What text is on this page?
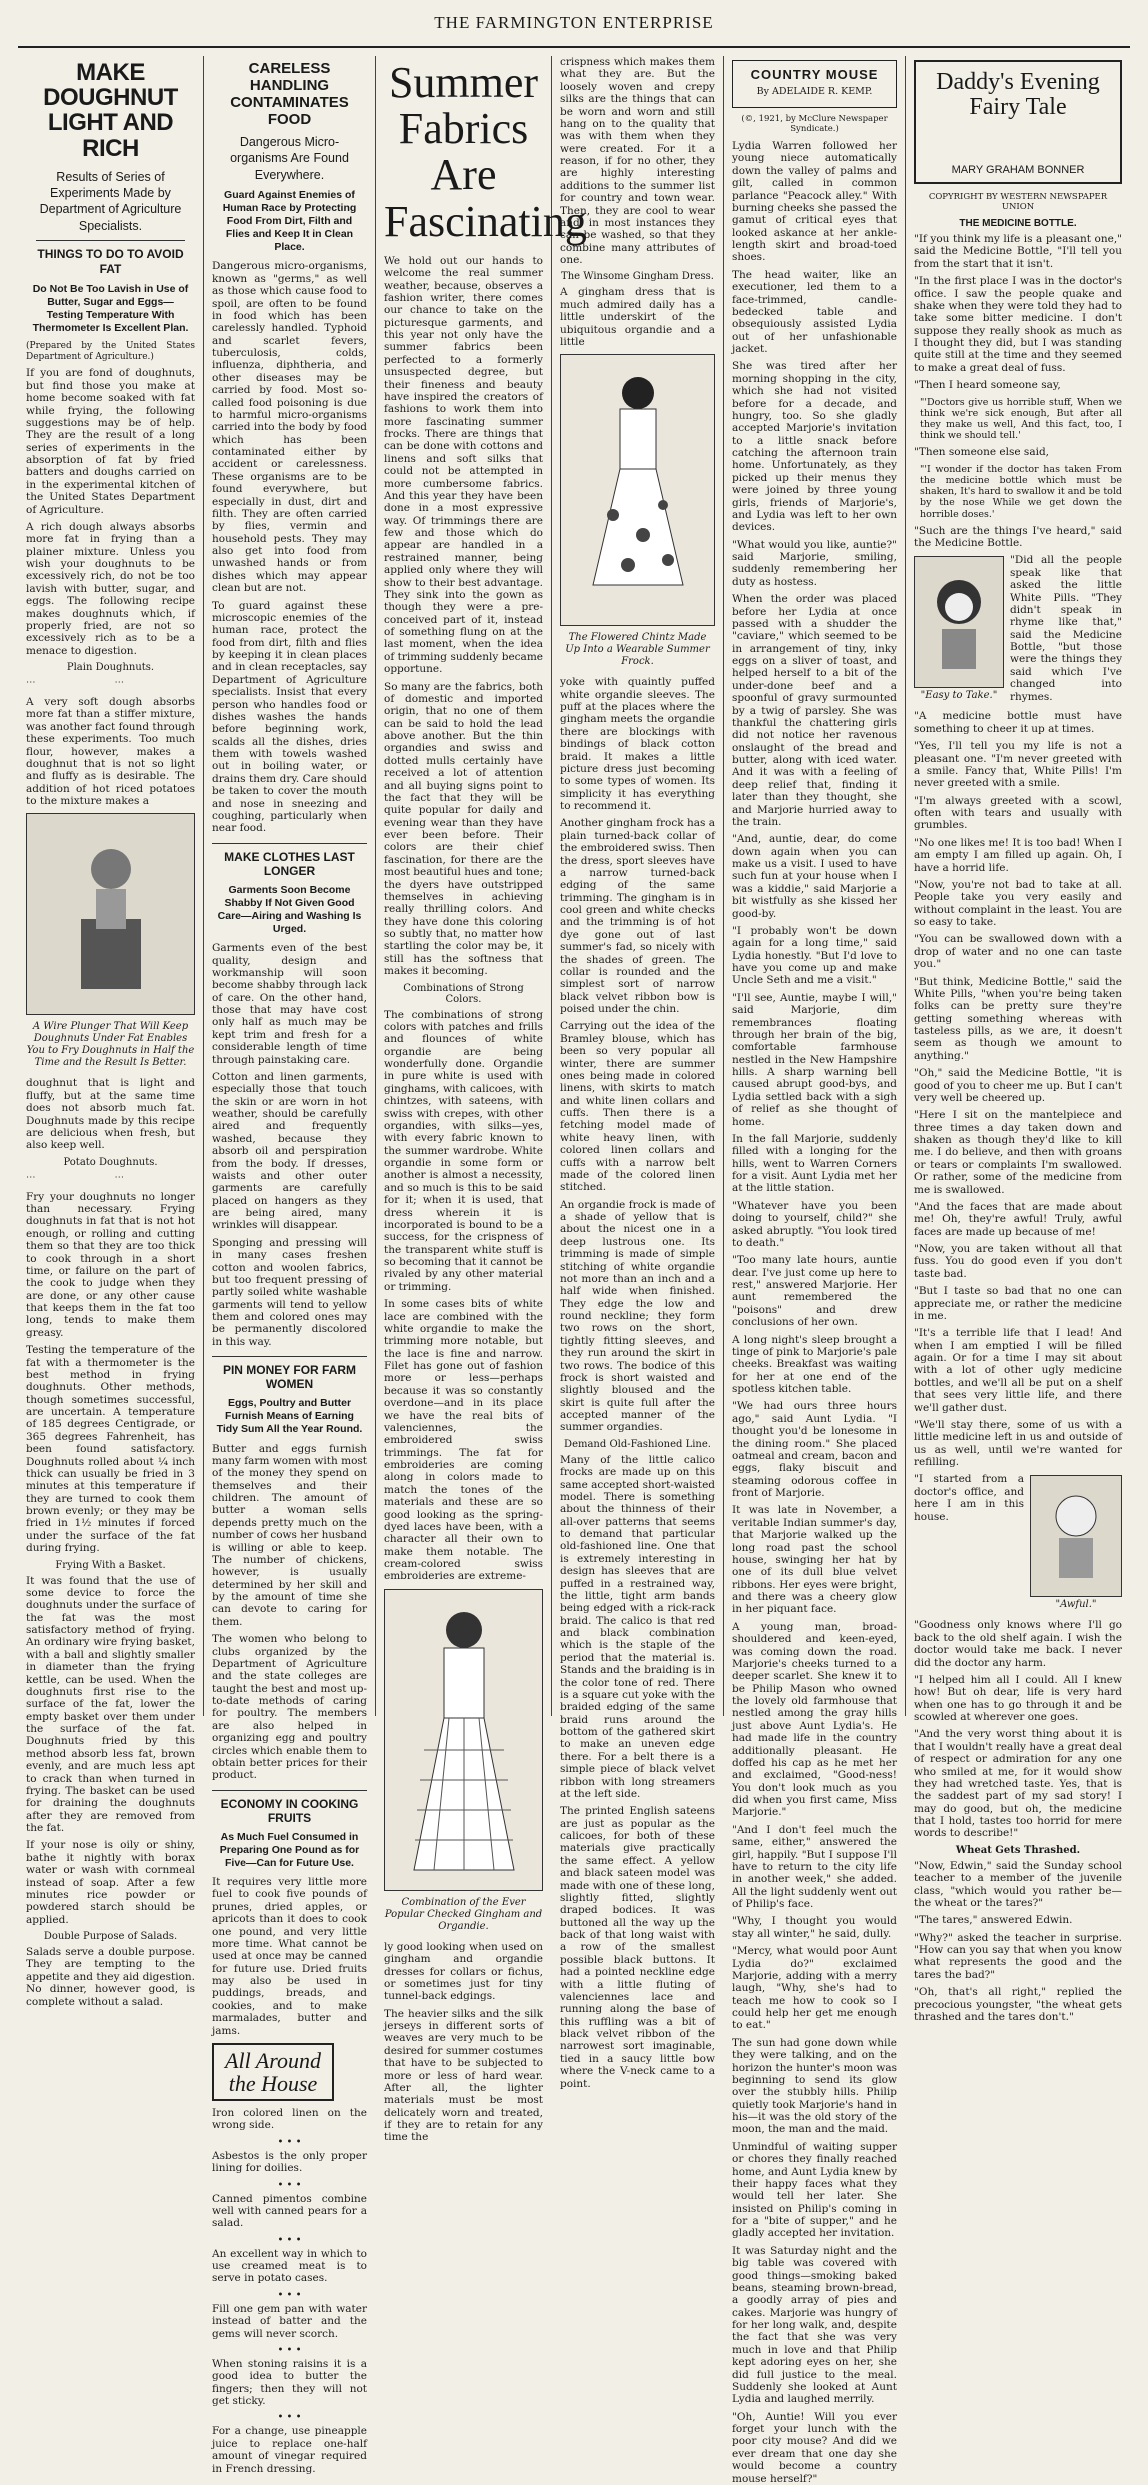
THE FARMINGTON ENTERPRISE
MAKE DOUGHNUT LIGHT AND RICH
Results of Series of Experiments Made by Department of Agriculture Specialists.
THINGS TO DO TO AVOID FAT
Do Not Be Too Lavish in Use of Butter, Sugar and Eggs—Testing Temperature With Thermometer Is Excellent Plan.

(Prepared by the United States Department of Agriculture.)

If you are fond of doughnuts, but find those you make at home become soaked with fat while frying, the following suggestions may be of help. They are the result of a long series of experiments in the absorption of fat by fried batters and doughs carried on in the experimental kitchen of the United States Department of Agriculture.

A rich dough always absorbs more fat in frying than a plainer mixture. Unless you wish your doughnuts to be excessively rich, do not be too lavish with butter, sugar, and eggs. The following recipe makes doughnuts which, if properly fried, are not so excessively rich as to be a menace to digestion.

Plain Doughnuts.
⋯	⋯

A very soft dough absorbs more fat than a stiffer mixture, was another fact found through these experiments. Too much flour, however, makes a doughnut that is not so light and fluffy as is desirable. The addition of hot riced potatoes to the mixture makes a

A Wire Plunger That Will Keep Doughnuts Under Fat Enables You to Fry Doughnuts in Half the Time and the Result Is Better.

doughnut that is light and fluffy, but at the same time does not absorb much fat. Doughnuts made by this recipe are delicious when fresh, but also keep well.

Potato Doughnuts.
⋯	⋯

Fry your doughnuts no longer than necessary. Frying doughnuts in fat that is not hot enough, or rolling and cutting them so that they are too thick to cook through in a short time, or failure on the part of the cook to judge when they are done, or any other cause that keeps them in the fat too long, tends to make them greasy.

Testing the temperature of the fat with a thermometer is the best method in frying doughnuts. Other methods, though sometimes successful, are uncertain. A temperature of 185 degrees Centigrade, or 365 degrees Fahrenheit, has been found satisfactory. Doughnuts rolled about ¼ inch thick can usually be fried in 3 minutes at this temperature if they are turned to cook them brown evenly; or they may be fried in 1½ minutes if forced under the surface of the fat during frying.

Frying With a Basket.

It was found that the use of some device to force the doughnuts under the surface of the fat was the most satisfactory method of frying. An ordinary wire frying basket, with a ball and slightly smaller in diameter than the frying kettle, can be used. When the doughnuts first rise to the surface of the fat, lower the empty basket over them under the surface of the fat. Doughnuts fried by this method absorb less fat, brown evenly, and are much less apt to crack than when turned in frying. The basket can be used for draining the doughnuts after they are removed from the fat.

If your nose is oily or shiny, bathe it nightly with borax water or wash with cornmeal instead of soap. After a few minutes rice powder or powdered starch should be applied.

Double Purpose of Salads.

Salads serve a double purpose. They are tempting to the appetite and they aid digestion. No dinner, however good, is complete without a salad.

CARELESS HANDLING CONTAMINATES FOOD
Dangerous Micro-organisms Are Found Everywhere.
Guard Against Enemies of Human Race by Protecting Food From Dirt, Filth and Flies and Keep It in Clean Place.

Dangerous micro-organisms, known as "germs," as well as those which cause food to spoil, are often to be found in food which has been carelessly handled. Typhoid and scarlet fevers, tuberculosis, colds, influenza, diphtheria, and other diseases may be carried by food. Most so-called food poisoning is due to harmful micro-organisms carried into the body by food which has been contaminated either by accident or carelessness. These organisms are to be found everywhere, but especially in dust, dirt and filth. They are often carried by flies, vermin and household pests. They may also get into food from unwashed hands or from dishes which may appear clean but are not.

To guard against these microscopic enemies of the human race, protect the food from dirt, filth and flies by keeping it in clean places and in clean receptacles, say Department of Agriculture specialists. Insist that every person who handles food or dishes washes the hands before beginning work, scalds all the dishes, dries them with towels washed out in boiling water, or drains them dry. Care should be taken to cover the mouth and nose in sneezing and coughing, particularly when near food.

MAKE CLOTHES LAST LONGER
Garments Soon Become Shabby If Not Given Good Care—Airing and Washing Is Urged.

Garments even of the best quality, design and workmanship will soon become shabby through lack of care. On the other hand, those that may have cost only half as much may be kept trim and fresh for a considerable length of time through painstaking care.

Cotton and linen garments, especially those that touch the skin or are worn in hot weather, should be carefully aired and frequently washed, because they absorb oil and perspiration from the body. If dresses, waists and other outer garments are carefully placed on hangers as they are being aired, many wrinkles will disappear.

Sponging and pressing will in many cases freshen cotton and woolen fabrics, but too frequent pressing of partly soiled white washable garments will tend to yellow them and colored ones may be permanently discolored in this way.

PIN MONEY FOR FARM WOMEN
Eggs, Poultry and Butter Furnish Means of Earning Tidy Sum All the Year Round.

Butter and eggs furnish many farm women with most of the money they spend on themselves and their children. The amount of butter a woman sells depends pretty much on the number of cows her husband is willing or able to keep. The number of chickens, however, is usually determined by her skill and by the amount of time she can devote to caring for them.

The women who belong to clubs organized by the Department of Agriculture and the state colleges are taught the best and most up-to-date methods of caring for poultry. The members are also helped in organizing egg and poultry circles which enable them to obtain better prices for their product.

ECONOMY IN COOKING FRUITS
As Much Fuel Consumed in Preparing One Pound as for Five—Can for Future Use.

It requires very little more fuel to cook five pounds of prunes, dried apples, or apricots than it does to cook one pound, and very little more time. What cannot be used at once may be canned for future use. Dried fruits may also be used in puddings, breads, and cookies, and to make marmalades, butter and jams.

All Around the House

Iron colored linen on the wrong side.

• • •

Asbestos is the only proper lining for doilies.

• • •

Canned pimentos combine well with canned pears for a salad.

• • •

An excellent way in which to use creamed meat is to serve in potato cases.

• • •

Fill one gem pan with water instead of batter and the gems will never scorch.

• • •

When stoning raisins it is a good idea to butter the fingers; then they will not get sticky.

• • •

For a change, use pineapple juice to replace one-half amount of vinegar required in French dressing.

Summer Fabrics Are Fascinating

We hold out our hands to welcome the real summer weather, because, observes a fashion writer, there comes our chance to take on the picturesque garments, and this year not only have the summer fabrics been perfected to a formerly unsuspected degree, but their fineness and beauty have inspired the creators of fashions to work them into more fascinating summer frocks. There are things that can be done with cottons and linens and soft silks that could not be attempted in more cumbersome fabrics. And this year they have been done in a most expressive way. Of trimmings there are few and those which do appear are handled in a restrained manner, being applied only where they will show to their best advantage. They sink into the gown as though they were a pre-conceived part of it, instead of something flung on at the last moment, when the idea of trimming suddenly became opportune.

So many are the fabrics, both of domestic and imported origin, that no one of them can be said to hold the lead above another. But the thin organdies and swiss and dotted mulls certainly have received a lot of attention and all buying signs point to the fact that they will be quite popular for daily and evening wear than they have ever been before. Their colors are their chief fascination, for there are the most beautiful hues and tone; the dyers have outstripped themselves in achieving really thrilling colors. And they have done this coloring so subtly that, no matter how startling the color may be, it still has the softness that makes it becoming.

Combinations of Strong Colors.

The combinations of strong colors with patches and frills and flounces of white organdie are being wonderfully done. Organdie in pure white is used with ginghams, with calicoes, with chintzes, with sateens, with swiss with crepes, with other organdies, with silks—yes, with every fabric known to the summer wardrobe. White organdie in some form or another is almost a necessity, and so much is this to be said for it; when it is used, that dress wherein it is incorporated is bound to be a success, for the crispness of the transparent white stuff is so becoming that it cannot be rivaled by any other material or trimming.

In some cases bits of white lace are combined with the white organdie to make the trimming more notable, but the lace is fine and narrow. Filet has gone out of fashion more or less—perhaps because it was so constantly overdone—and in its place we have the real bits of valenciennes, the embroidered swiss trimmings. The fat for embroideries are coming along in colors made to match the tones of the materials and these are so good looking as the spring-dyed laces have been, with a character all their own to make them notable. The cream-colored swiss embroideries are extreme-

Combination of the Ever Popular Checked Gingham and Organdie.

ly good looking when used on gingham and organdie dresses for collars or fichus, or sometimes just for tiny tunnel-back edgings.

The heavier silks and the silk jerseys in different sorts of weaves are very much to be desired for summer costumes that have to be subjected to more or less of hard wear. After all, the lighter materials must be most delicately worn and treated, if they are to retain for any time the

crispness which makes them what they are. But the loosely woven and crepy silks are the things that can be worn and worn and still hang on to the quality that was with them when they were created. For it a reason, if for no other, they are highly interesting additions to the summer list for country and town wear. Then, they are cool to wear and, in most instances they can be washed, so that they combine many attributes of one.

The Winsome Gingham Dress.

A gingham dress that is much admired daily has a little underskirt of the ubiquitous organdie and a little

The Flowered Chintz Made Up Into a Wearable Summer Frock.

yoke with quaintly puffed white organdie sleeves. The puff at the places where the gingham meets the organdie there are blockings with bindings of black cotton braid. It makes a little picture dress just becoming to some types of women. Its simplicity it has everything to recommend it.

Another gingham frock has a plain turned-back collar of the embroidered swiss. Then the dress, sport sleeves have a narrow turned-back edging of the same trimming. The gingham is in cool green and white checks and the trimming is of hot dye gone out of last summer's fad, so nicely with the shades of green. The collar is rounded and the simplest sort of narrow black velvet ribbon bow is poised under the chin.

Carrying out the idea of the Bramley blouse, which has been so very popular all winter, there are summer ones being made in colored linens, with skirts to match and white linen collars and cuffs. Then there is a fetching model made of white heavy linen, with colored linen collars and cuffs with a narrow belt made of the colored linen stitched.

An organdie frock is made of a shade of yellow that is about the nicest one in a deep lustrous one. Its trimming is made of simple stitching of white organdie not more than an inch and a half wide when finished. They edge the low and round neckline; they form two rows on the short, tightly fitting sleeves, and they run around the skirt in two rows. The bodice of this frock is short waisted and slightly bloused and the skirt is quite full after the accepted manner of the summer organdies.

Demand Old-Fashioned Line.

Many of the little calico frocks are made up on this same accepted short-waisted model. There is something about the thinness of their all-over patterns that seems to demand that particular old-fashioned line. One that is extremely interesting in design has sleeves that are puffed in a restrained way, the little, tight arm bands being edged with a rick-rack braid. The calico is that red and black combination which is the staple of the period that the material is. Stands and the braiding is in the color tone of red. There is a square cut yoke with the braided edging of the same braid runs around the bottom of the gathered skirt to make an uneven edge there. For a belt there is a simple piece of black velvet ribbon with long streamers at the left side.

The printed English sateens are just as popular as the calicoes, for both of these materials give practically the same effect. A yellow and black sateen model was made with one of these long, slightly fitted, slightly draped bodices. It was buttoned all the way up the back of that long waist with a row of the smallest possible black buttons. It had a pointed neckline edge with a little fluting of valenciennes lace and running along the base of this ruffling was a bit of black velvet ribbon of the narrowest sort imaginable, tied in a saucy little bow where the V-neck came to a point.

COUNTRY MOUSE
By ADELAIDE R. KEMP.
(©, 1921, by McClure Newspaper Syndicate.)

Lydia Warren followed her young niece automatically down the valley of palms and gilt, called in common parlance "Peacock alley." With burning cheeks she passed the gamut of critical eyes that looked askance at her ankle-length skirt and broad-toed shoes.

The head waiter, like an executioner, led them to a face-trimmed, candle-bedecked table and obsequiously assisted Lydia out of her unfashionable jacket.

She was tired after her morning shopping in the city, which she had not visited before for a decade, and hungry, too. So she gladly accepted Marjorie's invitation to a little snack before catching the afternoon train home. Unfortunately, as they picked up their menus they were joined by three young girls, friends of Marjorie's, and Lydia was left to her own devices.

"What would you like, auntie?" said Marjorie, smiling, suddenly remembering her duty as hostess.

When the order was placed before her Lydia at once passed with a shudder the "caviare," which seemed to be in arrangement of tiny, inky eggs on a sliver of toast, and helped herself to a bit of the under-done beef and a spoonful of gravy surmounted by a twig of parsley. She was thankful the chattering girls did not notice her ravenous onslaught of the bread and butter, along with iced water. And it was with a feeling of deep relief that, finding it later than they thought, she and Marjorie hurried away to the train.

"And, auntie, dear, do come down again when you can make us a visit. I used to have such fun at your house when I was a kiddie," said Marjorie a bit wistfully as she kissed her good-by.

"I probably won't be down again for a long time," said Lydia honestly. "But I'd love to have you come up and make Uncle Seth and me a visit."

"I'll see, Auntie, maybe I will," said Marjorie, dim remembrances floating through her brain of the big, comfortable farmhouse nestled in the New Hampshire hills. A sharp warning bell caused abrupt good-bys, and Lydia settled back with a sigh of relief as she thought of home.

In the fall Marjorie, suddenly filled with a longing for the hills, went to Warren Corners for a visit. Aunt Lydia met her at the little station.

"Whatever have you been doing to yourself, child?" she asked abruptly. "You look tired to death."

"Too many late hours, auntie dear. I've just come up here to rest," answered Marjorie. Her aunt remembered the "poisons" and drew conclusions of her own.

A long night's sleep brought a tinge of pink to Marjorie's pale cheeks. Breakfast was waiting for her at one end of the spotless kitchen table.

"We had ours three hours ago," said Aunt Lydia. "I thought you'd be lonesome in the dining room." She placed oatmeal and cream, bacon and eggs, flaky biscuit and steaming odorous coffee in front of Marjorie.

It was late in November, a veritable Indian summer's day, that Marjorie walked up the long road past the school house, swinging her hat by one of its dull blue velvet ribbons. Her eyes were bright, and there was a cheery glow in her piquant face.

A young man, broad-shouldered and keen-eyed, was coming down the road. Marjorie's cheeks turned to a deeper scarlet. She knew it to be Philip Mason who owned the lovely old farmhouse that nestled among the gray hills just above Aunt Lydia's. He had made life in the country additionally pleasant. He doffed his cap as he met her and exclaimed, "Good-ness! You don't look much as you did when you first came, Miss Marjorie."

"And I don't feel much the same, either," answered the girl, happily. "But I suppose I'll have to return to the city life in another week," she added. All the light suddenly went out of Philip's face.

"Why, I thought you would stay all winter," he said, dully.

"Mercy, what would poor Aunt Lydia do?" exclaimed Marjorie, adding with a merry laugh, "Why, she's had to teach me how to cook so I could help her get me enough to eat."

The sun had gone down while they were talking, and on the horizon the hunter's moon was beginning to send its glow over the stubbly hills. Philip quietly took Marjorie's hand in his—it was the old story of the moon, the man and the maid.

Unmindful of waiting supper or chores they finally reached home, and Aunt Lydia knew by their happy faces what they would tell her later. She insisted on Philip's coming in for a "bite of supper," and he gladly accepted her invitation.

It was Saturday night and the big table was covered with good things—smoking baked beans, steaming brown-bread, a goodly array of pies and cakes. Marjorie was hungry of for her long walk, and, despite the fact that she was very much in love and that Philip kept adoring eyes on her, she did full justice to the meal. Suddenly she looked at Aunt Lydia and laughed merrily.

"Oh, Auntie! Will you ever forget your lunch with the poor city mouse? And did we ever dream that one day she would become a country mouse herself?"

Daddy's Evening Fairy Tale
MARY GRAHAM BONNER
COPYRIGHT BY WESTERN NEWSPAPER UNION
THE MEDICINE BOTTLE.

"If you think my life is a pleasant one," said the Medicine Bottle, "I'll tell you from the start that it isn't.

"In the first place I was in the doctor's office. I saw the people quake and shake when they were told they had to take some bitter medicine. I don't suppose they really shook as much as I thought they did, but I was standing quite still at the time and they seemed to make a great deal of fuss.

"Then I heard someone say,

"'Doctors give us horrible stuff, When we think we're sick enough, But after all they make us well, And this fact, too, I think we should tell.'

"Then someone else said,

"'I wonder if the doctor has taken From the medicine bottle which must be shaken, It's hard to swallow it and be told by the nose While we get down the horrible doses.'

"Such are the things I've heard," said the Medicine Bottle.

"Easy to Take."

"Did all the people speak like that asked the little White Pills. "They didn't speak in rhyme like that," said the Medicine Bottle, "but those were the things they said which I've changed into rhymes.

"A medicine bottle must have something to cheer it up at times.

"Yes, I'll tell you my life is not a pleasant one. "I'm never greeted with a smile. Fancy that, White Pills! I'm never greeted with a smile.

"I'm always greeted with a scowl, often with tears and usually with grumbles.

"No one likes me! It is too bad! When I am empty I am filled up again. Oh, I have a horrid life.

"Now, you're not bad to take at all. People take you very easily and without complaint in the least. You are so easy to take.

"You can be swallowed down with a drop of water and no one can taste you."

"But think, Medicine Bottle," said the White Pills, "when you're being taken folks can be pretty sure they're getting something whereas with tasteless pills, as we are, it doesn't seem as though we amount to anything."

"Oh," said the Medicine Bottle, "it is good of you to cheer me up. But I can't very well be cheered up.

"Here I sit on the mantelpiece and three times a day taken down and shaken as though they'd like to kill me. I do believe, and then with groans or tears or complaints I'm swallowed. Or rather, some of the medicine from me is swallowed.

"And the faces that are made about me! Oh, they're awful! Truly, awful faces are made up because of me!

"Now, you are taken without all that fuss. You do good even if you don't taste bad.

"But I taste so bad that no one can appreciate me, or rather the medicine in me.

"It's a terrible life that I lead! And when I am emptied I will be filled again. Or for a time I may sit about with a lot of other ugly medicine bottles, and we'll all be put on a shelf that sees very little life, and there we'll gather dust.

"We'll stay there, some of us with a little medicine left in us and outside of us as well, until we're wanted for refilling.

"I started from a doctor's office, and here I am in this house.

"Awful."

"Goodness only knows where I'll go back to the old shelf again. I wish the doctor would take me back. I never did the doctor any harm.

"I helped him all I could. All I knew how! But oh dear, life is very hard when one has to go through it and be scowled at wherever one goes.

"And the very worst thing about it is that I wouldn't really have a great deal of respect or admiration for any one who smiled at me, for it would show they had wretched taste. Yes, that is the saddest part of my sad story! I may do good, but oh, the medicine that I hold, tastes too horrid for mere words to describe!"

Wheat Gets Thrashed.

"Now, Edwin," said the Sunday school teacher to a member of the juvenile class, "which would you rather be—the wheat or the tares?"

"The tares," answered Edwin.

"Why?" asked the teacher in surprise. "How can you say that when you know what represents the good and the tares the bad?"

"Oh, that's all right," replied the precocious youngster, "the wheat gets thrashed and the tares don't."
